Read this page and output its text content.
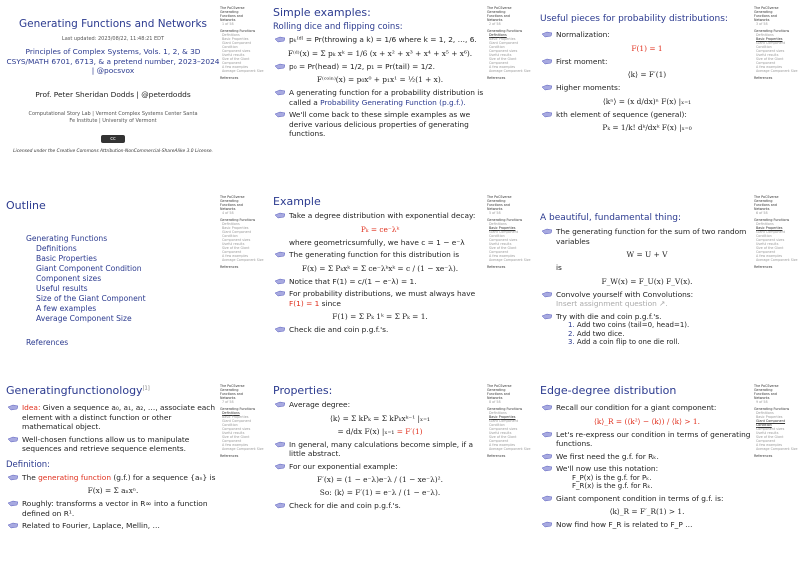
Generating Functions and Networks
Last updated: 2023/08/22, 11:48:21 EDT
Principles of Complex Systems, Vols. 1, 2, & 3D CSYS/MATH 6701, 6713, & a pretend number, 2023–2024 | @pocsvox
Prof. Peter Sheridan Dodds | @peterdodds
Computational Story Lab | Vermont Complex Systems Center Santa Fe Institute | University of Vermont
cc
Licensed under the Creative Commons Attribution-NonCommercial-ShareAlike 3.0 License.
The PoCSverse
Generating
Functions and
Networks
1 of 58
Generating Functions
Definitions
Basic Properties
Giant Component Condition
Component sizes
Useful results
Size of the Giant Component
A few examples
Average Component Size
References
Simple examples:
Rolling dice and flipping coins:
pₖ⁽ᵈ⁾ = Pr(throwing a k) = 1/6 where k = 1, 2, …, 6.
F⁽ᵈ⁾(x) = Σ pₖ xᵏ = 1/6 (x + x² + x³ + x⁴ + x⁵ + x⁶).
p₀ = Pr(head) = 1/2, p₁ = Pr(tail) = 1/2.
F⁽ᶜᵒⁱⁿ⁾(x) = p₀x⁰ + p₁x¹ = ½(1 + x).
A generating function for a probability distribution is called a Probability Generating Function (p.g.f.).
We'll come back to these simple examples as we derive various delicious properties of generating functions.
The PoCSverse
Generating
Functions and
Networks
2 of 58
Generating Functions
Definitions
Basic Properties
Giant Component Condition
Component sizes
Useful results
Size of the Giant Component
A few examples
Average Component Size
References
Useful pieces for probability distributions:
Normalization:
F(1) = 1
First moment:
⟨k⟩ = F′(1)
Higher moments:
⟨kⁿ⟩ = (x d/dx)ⁿ F(x) |ₓ₌₁
kth element of sequence (general):
Pₖ = 1/k! dᵏ/dxᵏ F(x) |ₓ₌₀
The PoCSverse
Generating
Functions and
Networks
3 of 58
Generating Functions
Definitions
Basic Properties
Giant Component Condition
Component sizes
Useful results
Size of the Giant Component
A few examples
Average Component Size
References
Outline
Generating Functions
Definitions
Basic Properties
Giant Component Condition
Component sizes
Useful results
Size of the Giant Component
A few examples
Average Component Size
References
The PoCSverse
Generating
Functions and
Networks
4 of 58
Generating Functions
Definitions
Basic Properties
Giant Component Condition
Component sizes
Useful results
Size of the Giant Component
A few examples
Average Component Size
References
Example
Take a degree distribution with exponential decay:
Pₖ = ce⁻λᵏ
where geometricsumfully, we have c = 1 − e⁻λ
The generating function for this distribution is
F(x) = Σ Pₖxᵏ = Σ ce⁻λᵏxᵏ = c / (1 − xe⁻λ).
Notice that F(1) = c/(1 − e⁻λ) = 1.
For probability distributions, we must always have F(1) = 1 since
F(1) = Σ Pₖ 1ᵏ = Σ Pₖ = 1.
Check die and coin p.g.f.'s.
The PoCSverse
Generating
Functions and
Networks
5 of 58
Generating Functions
Definitions
Basic Properties
Giant Component Condition
Component sizes
Useful results
Size of the Giant Component
A few examples
Average Component Size
References
A beautiful, fundamental thing:
The generating function for the sum of two random variables
W = U + V
is
F_W(x) = F_U(x) F_V(x).
Convolve yourself with Convolutions:
Insert assignment question ↗.
Try with die and coin p.g.f.'s.
1. Add two coins (tail=0, head=1).
2. Add two dice.
3. Add a coin flip to one die roll.
The PoCSverse
Generating
Functions and
Networks
6 of 58
Generating Functions
Definitions
Basic Properties
Giant Component Condition
Component sizes
Useful results
Size of the Giant Component
A few examples
Average Component Size
References
Generatingfunctionology[1]
Idea: Given a sequence a₀, a₁, a₂, …, associate each element with a distinct function or other mathematical object.
Well-chosen functions allow us to manipulate sequences and retrieve sequence elements.
Definition:
The generating function (g.f.) for a sequence {aₙ} is
F(x) = Σ aₙxⁿ.
Roughly: transforms a vector in R∞ into a function defined on R¹.
Related to Fourier, Laplace, Mellin, …
The PoCSverse
Generating
Functions and
Networks
7 of 58
Generating Functions
Definitions
Basic Properties
Giant Component Condition
Component sizes
Useful results
Size of the Giant Component
A few examples
Average Component Size
References
Properties:
Average degree:
⟨k⟩ = Σ kPₖ = Σ kPₖxᵏ⁻¹ |ₓ₌₁
= d/dx F(x) |ₓ₌₁ = F′(1)
In general, many calculations become simple, if a little abstract.
For our exponential example:
F′(x) = (1 − e⁻λ)e⁻λ / (1 − xe⁻λ)².
So: ⟨k⟩ = F′(1) = e⁻λ / (1 − e⁻λ).
Check for die and coin p.g.f.'s.
The PoCSverse
Generating
Functions and
Networks
8 of 58
Generating Functions
Definitions
Basic Properties
Giant Component Condition
Component sizes
Useful results
Size of the Giant Component
A few examples
Average Component Size
References
Edge-degree distribution
Recall our condition for a giant component:
⟨k⟩_R = (⟨k²⟩ − ⟨k⟩) / ⟨k⟩ > 1.
Let's re-express our condition in terms of generating functions.
We first need the g.f. for Rₖ.
We'll now use this notation:
F_P(x) is the g.f. for Pₖ.
F_R(x) is the g.f. for Rₖ.
Giant component condition in terms of g.f. is:
⟨k⟩_R = F′_R(1) > 1.
Now find how F_R is related to F_P …
The PoCSverse
Generating
Functions and
Networks
9 of 58
Generating Functions
Definitions
Basic Properties
Giant Component Condition
Component sizes
Useful results
Size of the Giant Component
A few examples
Average Component Size
References
